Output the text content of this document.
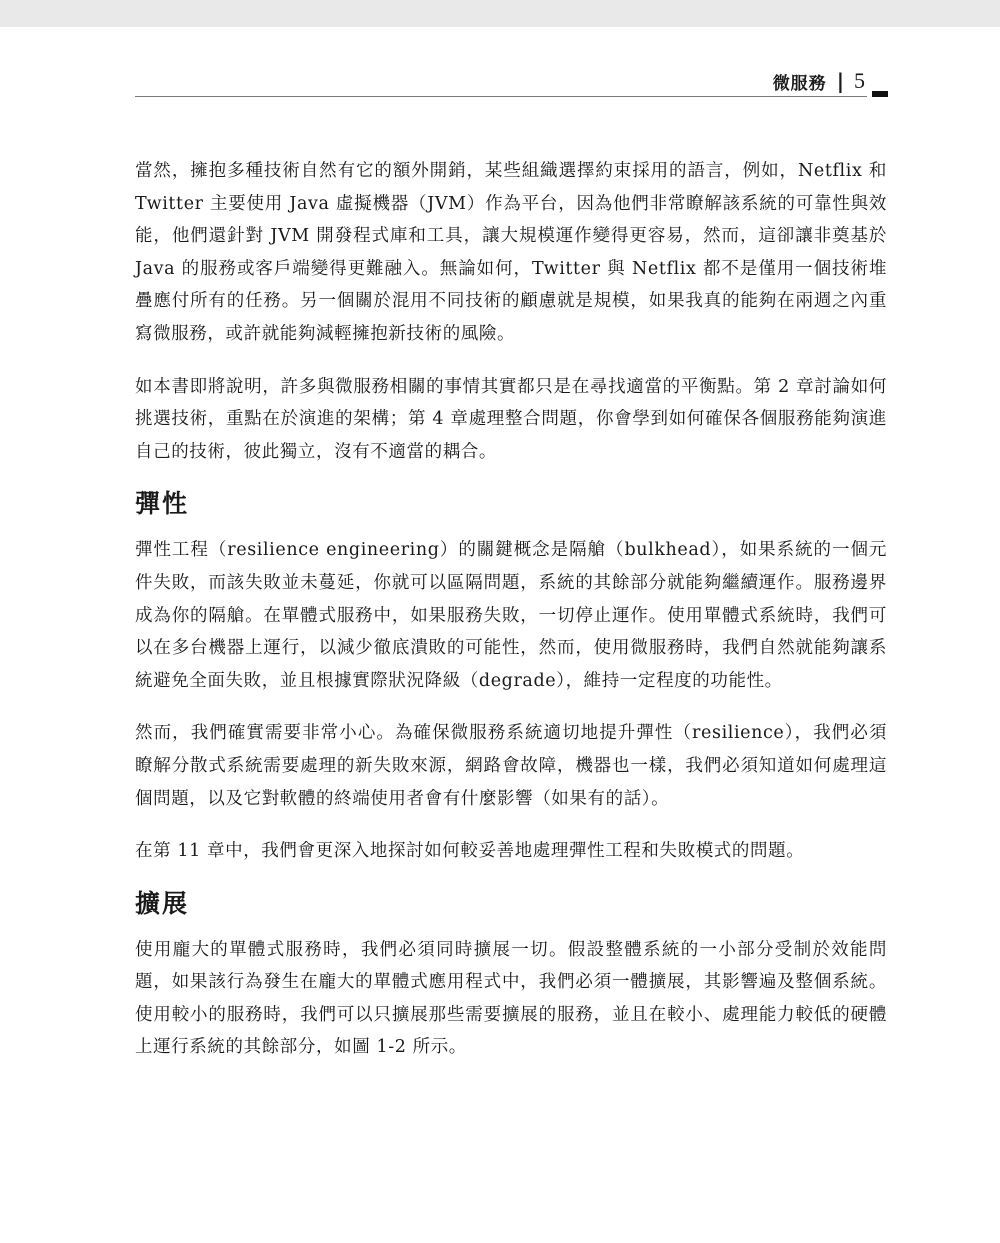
微服務 | 5

當然，擁抱多種技術自然有它的額外開銷，某些組織選擇約束採用的語言，例如，Netflix 和 Twitter 主要使用 Java 虛擬機器（JVM）作為平台，因為他們非常瞭解該系統的可靠性與效能，他們還針對 JVM 開發程式庫和工具，讓大規模運作變得更容易，然而，這卻讓非奠基於 Java 的服務或客戶端變得更難融入。無論如何，Twitter 與 Netflix 都不是僅用一個技術堆疊應付所有的任務。另一個關於混用不同技術的顧慮就是規模，如果我真的能夠在兩週之內重寫微服務，或許就能夠減輕擁抱新技術的風險。

如本書即將說明，許多與微服務相關的事情其實都只是在尋找適當的平衡點。第 2 章討論如何挑選技術，重點在於演進的架構；第 4 章處理整合問題，你會學到如何確保各個服務能夠演進自己的技術，彼此獨立，沒有不適當的耦合。

彈性

彈性工程（resilience engineering）的關鍵概念是隔艙（bulkhead），如果系統的一個元件失敗，而該失敗並未蔓延，你就可以區隔問題，系統的其餘部分就能夠繼續運作。服務邊界成為你的隔艙。在單體式服務中，如果服務失敗，一切停止運作。使用單體式系統時，我們可以在多台機器上運行，以減少徹底潰敗的可能性，然而，使用微服務時，我們自然就能夠讓系統避免全面失敗，並且根據實際狀況降級（degrade），維持一定程度的功能性。

然而，我們確實需要非常小心。為確保微服務系統適切地提升彈性（resilience），我們必須瞭解分散式系統需要處理的新失敗來源，網路會故障，機器也一樣，我們必須知道如何處理這個問題，以及它對軟體的終端使用者會有什麼影響（如果有的話）。

在第 11 章中，我們會更深入地探討如何較妥善地處理彈性工程和失敗模式的問題。

擴展

使用龐大的單體式服務時，我們必須同時擴展一切。假設整體系統的一小部分受制於效能問題，如果該行為發生在龐大的單體式應用程式中，我們必須一體擴展，其影響遍及整個系統。使用較小的服務時，我們可以只擴展那些需要擴展的服務，並且在較小、處理能力較低的硬體上運行系統的其餘部分，如圖 1-2 所示。
